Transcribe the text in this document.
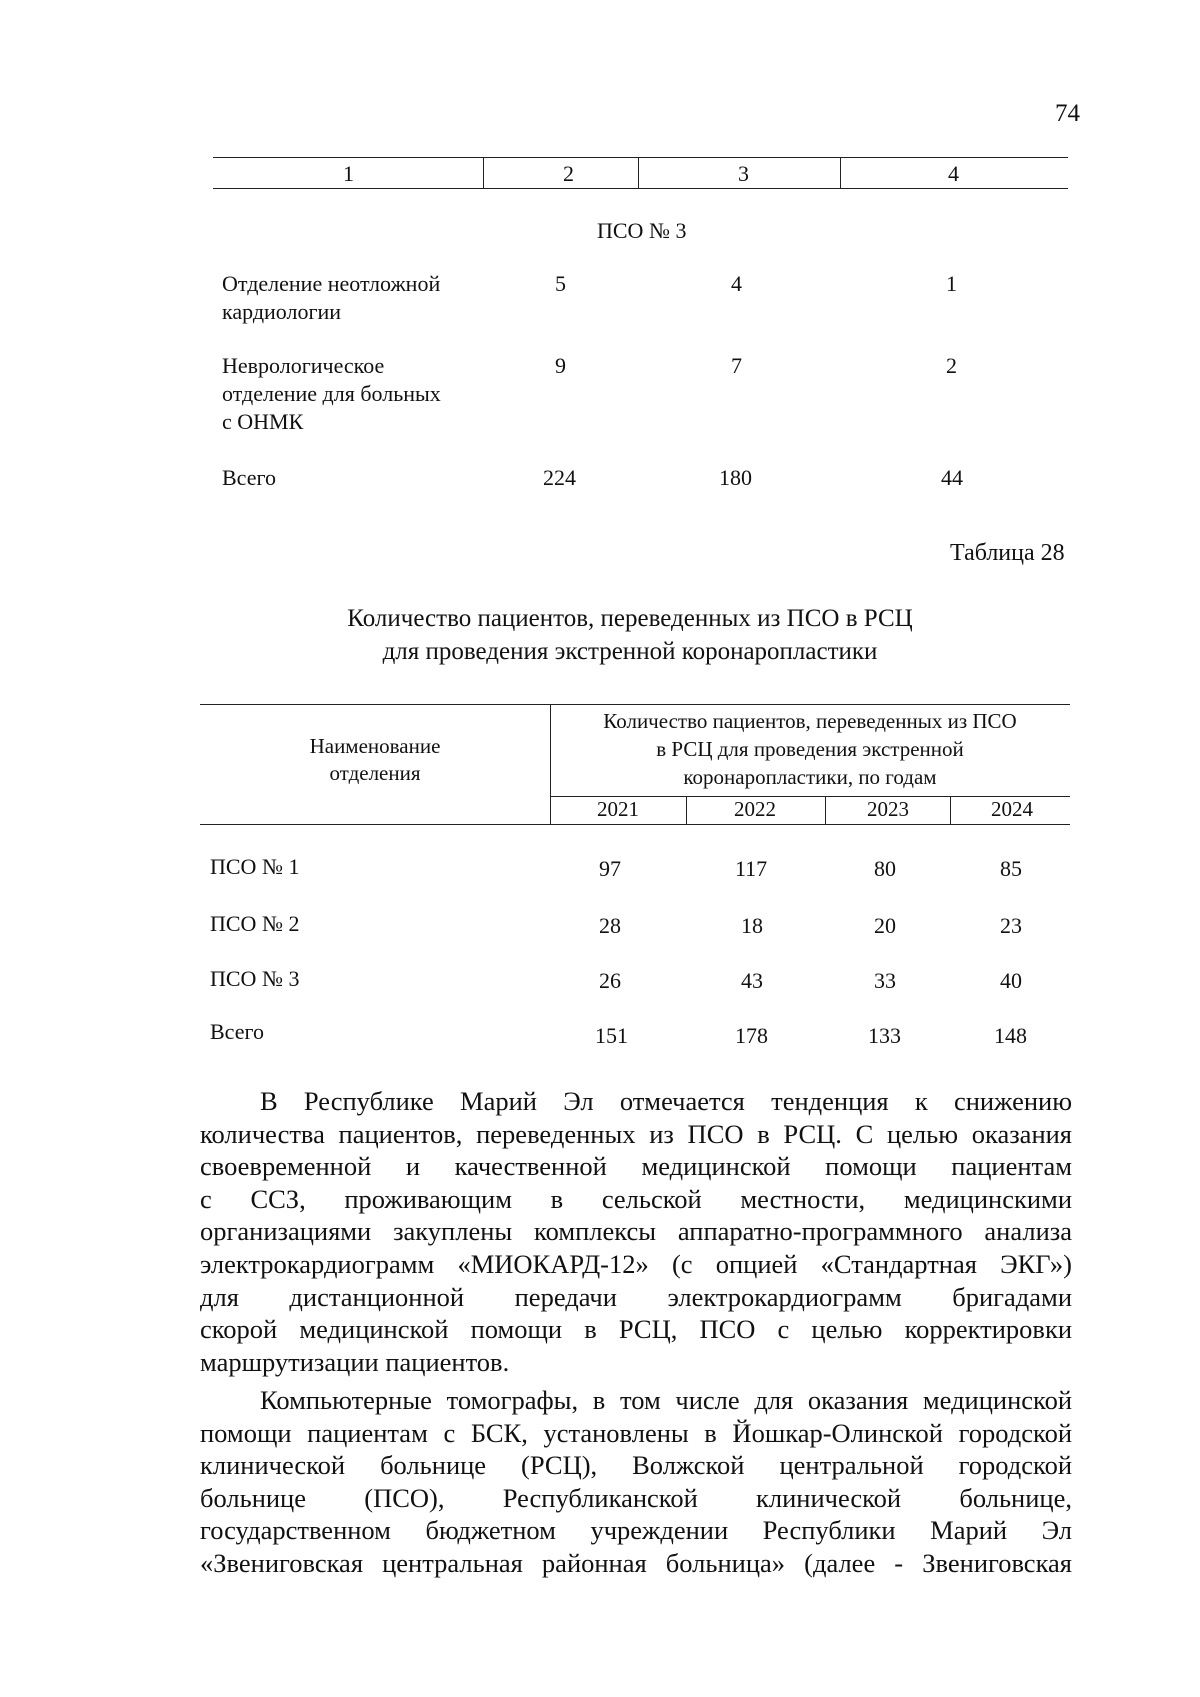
74
1	2	3	4
ПСО № 3
Отделение неотложной
кардиологии
5	4	1
Неврологическое
отделение для больных
с ОНМК
9	7	2
Всего	224	180	44
Таблица 28
Количество пациентов, переведенных из ПСО в РСЦ
для проведения экстренной коронаропластики
Наименование
отделения
Количество пациентов, переведенных из ПСО
в РСЦ для проведения экстренной
коронаропластики, по годам
2021	2022	2023	2024
ПСО № 1	97	117	80	85
ПСО № 2	28	18	20	23
ПСО № 3	26	43	33	40
Всего	151	178	133	148
В Республике Марий Эл отмечается тенденция к снижению
количества пациентов, переведенных из ПСО в РСЦ. С целью оказания
своевременной и качественной медицинской помощи пациентам
с ССЗ, проживающим в сельской местности, медицинскими
организациями закуплены комплексы аппаратно-программного анализа
электрокардиограмм «МИОКАРД-12» (с опцией «Стандартная ЭКГ»)
для дистанционной передачи электрокардиограмм бригадами
скорой медицинской помощи в РСЦ, ПСО с целью корректировки
маршрутизации пациентов.
Компьютерные томографы, в том числе для оказания медицинской
помощи пациентам с БСК, установлены в Йошкар-Олинской городской
клинической больнице (РСЦ), Волжской центральной городской
больнице (ПСО), Республиканской клинической больнице,
государственном бюджетном учреждении Республики Марий Эл
«Звениговская центральная районная больница» (далее - Звениговская
